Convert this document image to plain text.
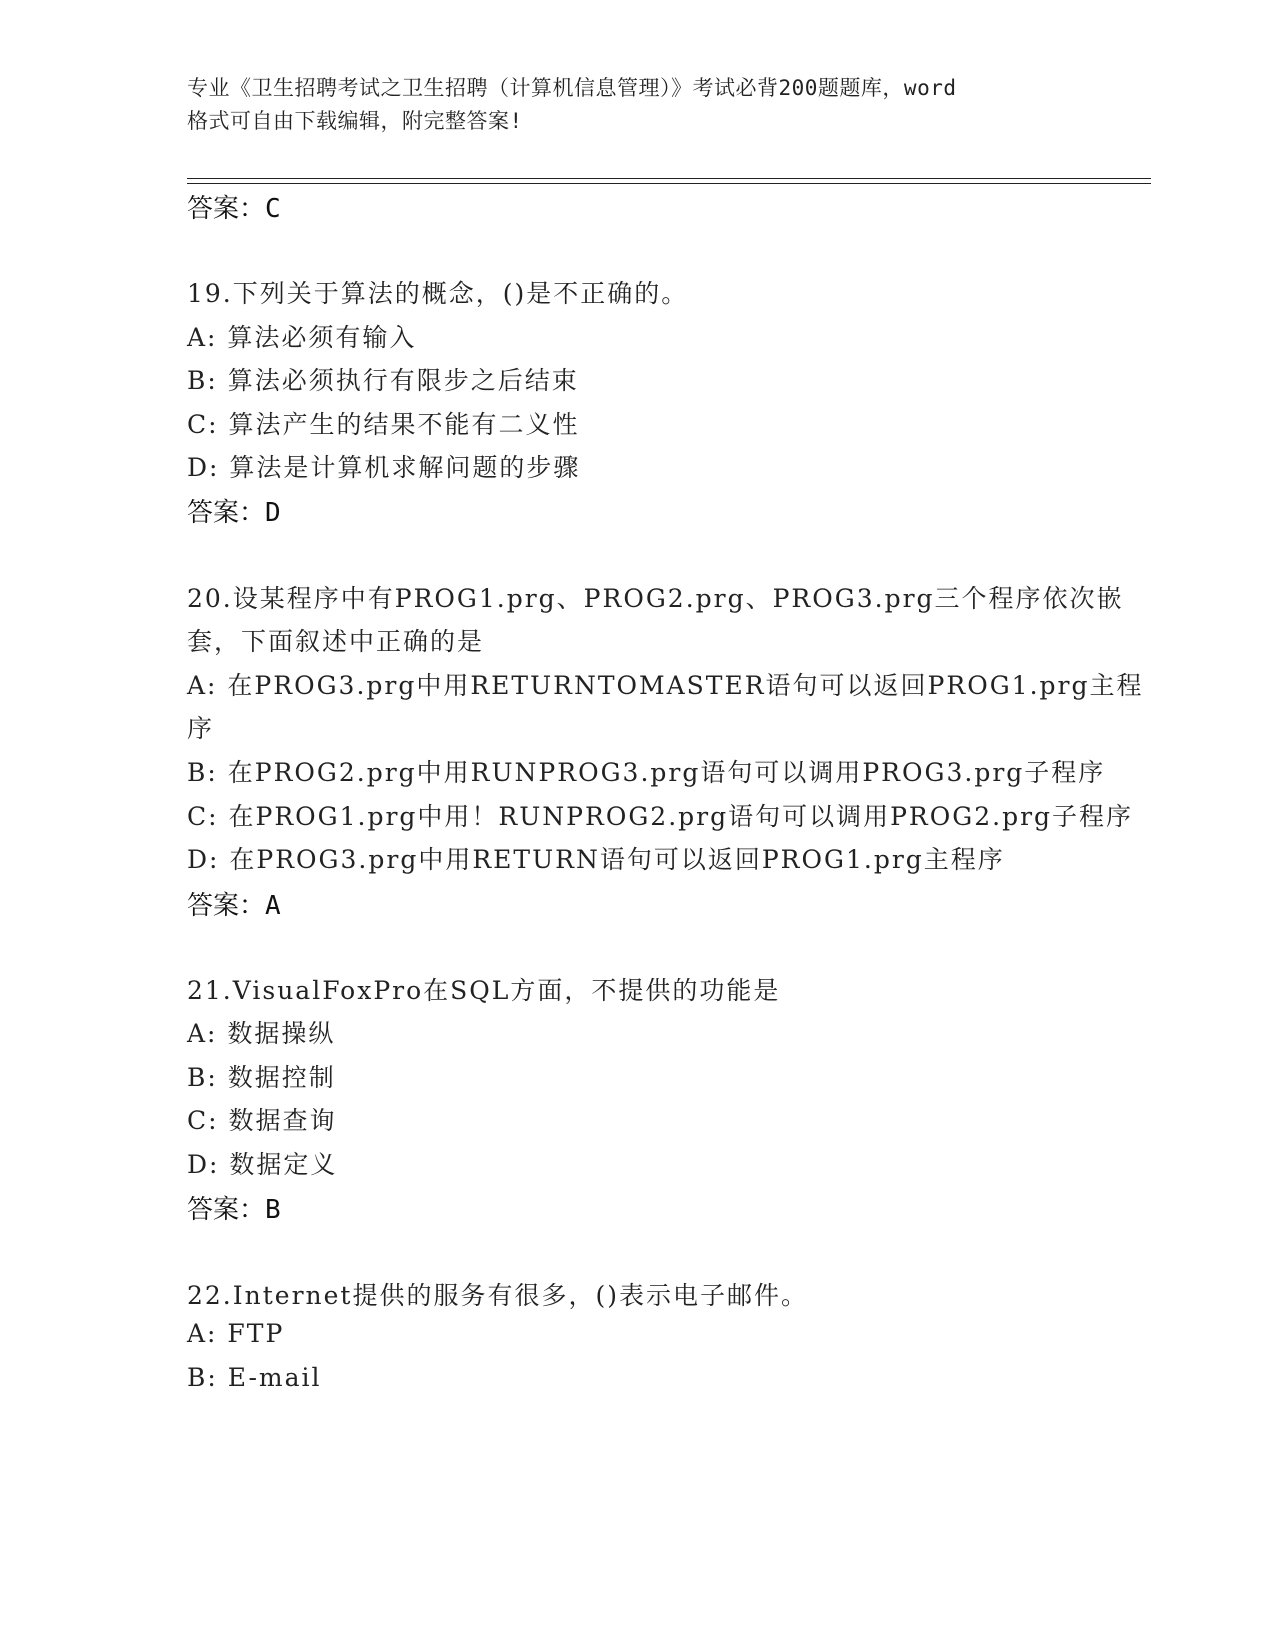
专业《卫生招聘考试之卫生招聘（计算机信息管理）》考试必背200题题库，word
格式可自由下载编辑，附完整答案!
答案：C
19.下列关于算法的概念，()是不正确的。
A: 算法必须有输入
B: 算法必须执行有限步之后结束
C: 算法产生的结果不能有二义性
D: 算法是计算机求解问题的步骤
答案：D
20.设某程序中有PROG1.prg、PROG2.prg、PROG3.prg三个程序依次嵌
套，下面叙述中正确的是
A: 在PROG3.prg中用RETURNTOMASTER语句可以返回PROG1.prg主程
序
B: 在PROG2.prg中用RUNPROG3.prg语句可以调用PROG3.prg子程序
C: 在PROG1.prg中用！RUNPROG2.prg语句可以调用PROG2.prg子程序
D: 在PROG3.prg中用RETURN语句可以返回PROG1.prg主程序
答案：A
21.VisualFoxPro在SQL方面，不提供的功能是
A: 数据操纵
B: 数据控制
C: 数据查询
D: 数据定义
答案：B
22.Internet提供的服务有很多，()表示电子邮件。
A: FTP
B: E-mail
